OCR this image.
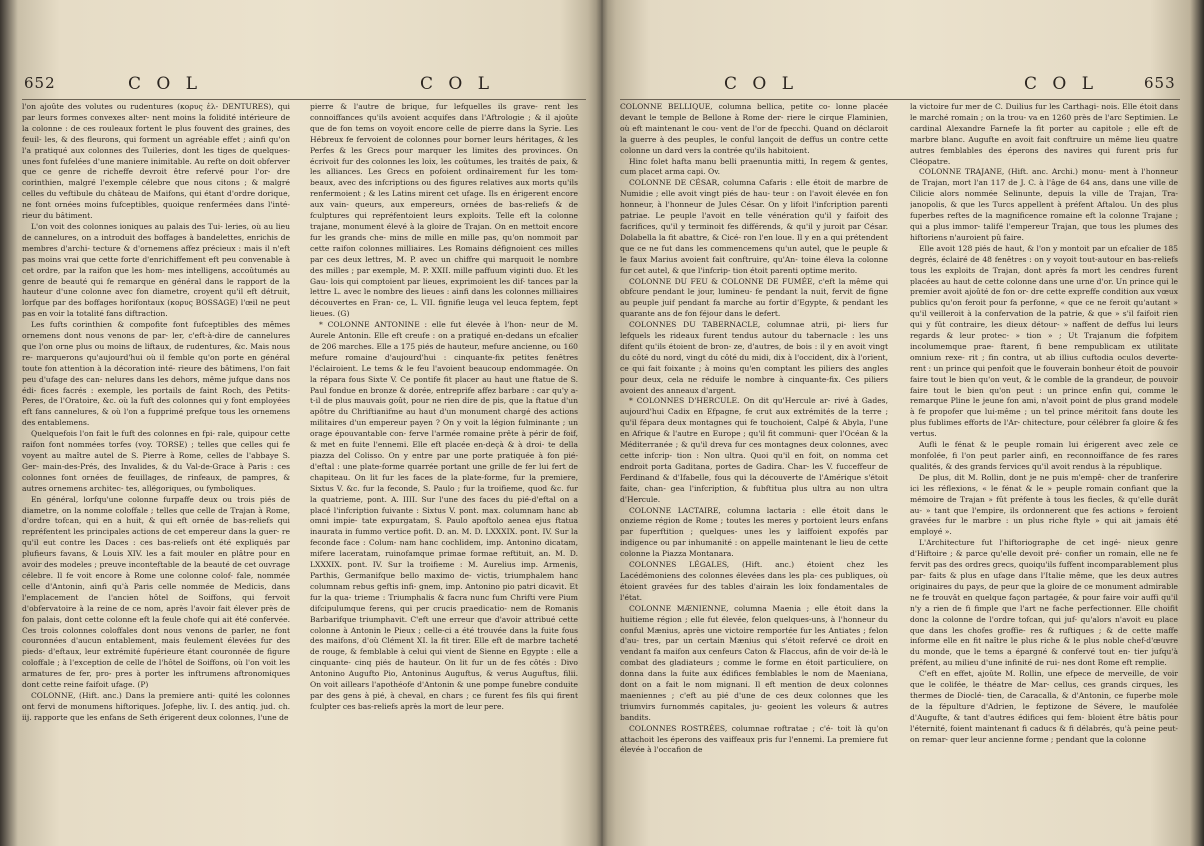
652	C O L	C O L

l'on ajoûte des volutes ou rudentures (κορυς ἑλ- DENTURES), qui par leurs formes convexes alter- nent moins la folidité intérieure de la colonne : de ces rouleaux fortent le plus fouvent des graines, des feuil- les, & des fleurons, qui forment un agréable effet ; ainfi qu'on l'a pratiqué aux colonnes des Tuileries, dont les tiges de quelques-unes font fufelées d'une maniere inimitable. Au refte on doit obferver que ce genre de richeffe devroit être refervé pour l'or- dre corinthien, malgré l'exemple célebre que nous citons ; & malgré celles du veftibule du château de Maifons, qui étant d'ordre dorique, ne font ornées moins fufceptibles, quoique renfermées dans l'inté- rieur du bâtiment.

L'on voit des colonnes ioniques au palais des Tui- leries, où au lieu de cannelures, on a introduit des boffages à bandelettes, enrichis de membres d'archi- tecture & d'ornemens affez précieux : mais il n'eft pas moins vrai que cette forte d'enrichiffement eft peu convenable à cet ordre, par la raifon que les hom- mes intelligens, accoûtumés au genre de beauté qui fe remarque en général dans le rapport de la hauteur d'une colonne avec fon diametre, croyent qu'il eft détruit, lorfque par des boffages horifontaux (κορυς BOSSAGE) l'œil ne peut pas en voir la totalité fans diftraction.

Les fufts corinthien & compofite font fufceptibles des mêmes ornemens dont nous venons de par- ler, c'eft-à-dire de cannelures que l'on orne plus ou moins de liftaux, de rudentures, &c. Mais nous re- marquerons qu'aujourd'hui où il femble qu'on porte en général toute fon attention à la décoration inté- rieure des bâtimens, l'on fait peu d'ufage des can- nelures dans les dehors, même jufque dans nos édi- fices facrés : exemple, les portails de faint Roch, des Petits-Peres, de l'Oratoire, &c. où la fuft des colonnes qui y font employées eft fans cannelures, & où l'on a fupprimé prefque tous les ornemens des entablemens.

Quelquefois l'on fait le fuft des colonnes en fpi- rale, quipour cette raifon font nommées torfes (voy. TORSE) ; telles que celles qui fe voyent au maître autel de S. Pierre à Rome, celles de l'abbaye S. Ger- main-des-Prés, des Invalides, & du Val-de-Grace à Paris : ces colonnes font ornées de feuillages, de rinfeaux, de pampres, & autres ornemens architec- tes, allégoriques, ou fymboliques.

En général, lorfqu'une colonne furpaffe deux ou trois piés de diametre, on la nomme coloffale ; telles que celle de Trajan à Rome, d'ordre tofcan, qui en a huit, & qui eft ornée de bas-reliefs qui repréfentent les principales actions de cet empereur dans la guer- re qu'il eut contre les Daces : ces bas-reliefs ont été expliqués par plufieurs favans, & Louis XIV. les a fait mouler en plâtre pour en avoir des modeles ; preuve inconteftable de la beauté de cet ouvrage célebre. Il fe voit encore à Rome une colonne colof- fale, nommée celle d'Antonin, ainfi qu'à Paris celle nommée de Medicis, dans l'emplacement de l'ancien hôtel de Soiffons, qui fervoit d'obfervatoire à la reine de ce nom, après l'avoir fait élever près de fon palais, dont cette colonne eft la feule chofe qui ait été confervée. Ces trois colonnes coloffales dont nous venons de parler, ne font couronnées d'aucun entablement, mais feulement élevées fur des pieds- d'eftaux, leur extrémité fupérieure étant couronnée de figure coloffale ; à l'exception de celle de l'hôtel de Soiffons, où l'on voit les armatures de fer, pro- pres à porter les inftrumens aftronomiques dont cette reine faifoit ufage. (P)

COLONNE, (Hift. anc.) Dans la premiere anti- quité les colonnes ont fervi de monumens hiftoriques. Jofephe, liv. I. des antiq. jud. ch. iij. rapporte que les enfans de Seth érigerent deux colonnes, l'une de

pierre & l'autre de brique, fur lefquelles ils grave- rent les connoiffances qu'ils avoient acquifes dans l'Aftrologie ; & il ajoûte que de fon tems on voyoit encore celle de pierre dans la Syrie. Les Hébreux fe fervoient de colonnes pour borner leurs héritages, & les Perfes & les Grecs pour marquer les limites des provinces. On écrivoit fur des colonnes les loix, les coûtumes, les traités de paix, & les alliances. Les Grecs en pofoient ordinairement fur les tom- beaux, avec des infcriptions ou des figures relatives aux morts qu'ils renfermoient ; & les Latins mirent cet ufage. Ils en érigerent encore aux vain- queurs, aux empereurs, ornées de bas-reliefs & de fculptures qui repréfentoient leurs exploits. Telle eft la colonne trajane, monument élevé à la gloire de Trajan. On en mettoit encore fur les grands che- mins de mille en mille pas, qu'on nommoit par cette raifon colonnes milliaires. Les Romains défignoient ces milles par ces deux lettres, M. P. avec un chiffre qui marquoit le nombre des milles ; par exemple, M. P. XXII. mille paffuum viginti duo. Et les Gau- lois qui comptoient par lieues, exprimoient les dif- tances par la lettre L. avec le nombre des lieues : ainfi dans les colonnes milliaires découvertes en Fran- ce, L. VII. fignifie leuga vel leuca feptem, fept lieues. (G)

* COLONNE ANTONINE : elle fut élevée à l'hon- neur de M. Aurele Antonin. Elle eft creufe : on a pratiqué en-dedans un efcalier de 206 marches. Elle a 175 piés de hauteur, mefure ancienne, ou 160 mefure romaine d'aujourd'hui : cinquante-fix petites fenêtres l'éclairoient. Le tems & le feu l'avoient beaucoup endommagée. On la répara fous Sixte V. Ce pontife fit placer au haut une ftatue de S. Paul fondue en bronze & dorée, entreprife affez barbare : car qu'y a-t-il de plus mauvais goût, pour ne rien dire de pis, que la ftatue d'un apôtre du Chriftianifme au haut d'un monument chargé des actions militaires d'un empereur payen ? On y voit la légion fulminante ; un orage épouvantable con- ferve l'armée romaine prête à périr de foif, & met en fuite l'ennemi. Elle eft placée en-deçà & à droi- te della piazza del Colisso. On y entre par une porte pratiquée à fon pié-d'eftal : une plate-forme quarrée portant une grille de fer lui fert de chapiteau. On lit fur les faces de la plate-forme, fur la premiere, Sixtus V. &c. fur la feconde, S. Paulo ; fur la troifieme, quod &c. fur la quatrieme, pont. A. IIII. Sur l'une des faces du pié-d'eftal on a placé l'infcription fuivante : Sixtus V. pont. max. columnam hanc ab omni impie- tate expurgatam, S. Paulo apoftolo aenea ejus ftatua inaurata in fummo vertice pofit. D. an. M. D. LXXXIX. pont. IV. Sur la feconde face : Colum- nam hanc cochlidem, imp. Antonino dicatam, mifere laceratam, ruinofamque primae formae reftituit, an. M. D. LXXXIX. pont. IV. Sur la troifieme : M. Aurelius imp. Armenis, Parthis, Germanifque bello maximo de- victis, triumphalem hanc columnam rebus geftis infi- gnem, imp. Antonino pio patri dicavit. Et fur la qua- trieme : Triumphalis & facra nunc fum Chrifti vere Pium difcipulumque ferens, qui per crucis praedicatio- nem de Romanis Barbarifque triumphavit. C'eft une erreur que d'avoir attribué cette colonne à Antonin le Pieux ; celle-ci a été trouvée dans la fuite fous des maifons, d'où Clément XI. la fit tirer. Elle eft de marbre tacheté de rouge, & femblable à celui qui vient de Sienne en Egypte : elle a cinquante- cinq piés de hauteur. On lit fur un de fes côtés : Divo Antonino Augufto Pio, Antoninus Auguftus, & verus Auguftus, filii. On voit aillears l'apothéofe d'Antonin & une pompe funebre conduite par des gens à pié, à cheval, en chars ; ce furent fes fils qui firent fculpter ces bas-reliefs après la mort de leur pere.

C O L	C O L	653

COLONNE BELLIQUE, columna bellica, petite co- lonne placée devant le temple de Bellone à Rome der- riere le cirque Flaminien, où eft maintenant le cou- vent de l'or de fpecchi. Quand on déclaroit la guerre à des peuples, le conful lançoit de deffus un contre cette colonne un dard vers la contrée qu'ils habitoient.

Hinc folet hafta manu belli praenuntia mitti, In regem & gentes, cum placet arma capi. Ov.

COLONNE DE CÉSAR, columna Cafaris : elle étoit de marbre de Numidie ; elle avoit vingt piés de hau- teur : on l'avoit élevée en fon honneur, à l'honneur de Jules César. On y lifoit l'infcription parenti patriae. Le peuple l'avoit en telle vénération qu'il y faifoit des facrifices, qu'il y terminoit fes différends, & qu'il y juroit par César. Dolabella la fit abattre, & Cicé- ron l'en loue. Il y en a qui prétendent que ce ne fut dans les commencemens qu'un autel, que le peuple & le faux Marius avoient fait conftruire, qu'An- toine éleva la colonne fur cet autel, & que l'infcrip- tion étoit parenti optime merito.

COLONNE DU FEU & COLONNE DE FUMÉE, c'eft la même qui obfcure pendant le jour, lumineu- fe pendant la nuit, fervit de figne au peuple juif pendant fa marche au fortir d'Egypte, & pendant les quarante ans de fon féjour dans le defert.

COLONNES DU TABERNACLE, columnae atrii, pi- liers fur lefquels les rideaux furent tendus autour du tabernacle : les uns difent qu'ils étoient de bron- ze, d'autres, de bois : il y en avoit vingt du côté du nord, vingt du côté du midi, dix à l'occident, dix à l'orient, ce qui fait foixante ; à moins qu'en comptant les piliers des angles pour deux, cela ne réduife le nombre à cinquante-fix. Ces piliers avoient des anneaux d'argent.

* COLONNES D'HERCULE. On dit qu'Hercule ar- rivé à Gades, aujourd'hui Cadix en Efpagne, fe crut aux extrémités de la terre ; qu'il fépara deux montagnes qui fe touchoient, Calpé & Abyla, l'une en Afrique & l'autre en Europe ; qu'il fit communi- quer l'Océan & la Méditerranée ; & qu'il dreva fur ces montagnes deux colonnes, avec cette infcrip- tion : Non ultra. Quoi qu'il en foit, on nomma cet endroit porta Gaditana, portes de Gadira. Char- les V. fucceffeur de Ferdinand & d'Ifabelle, fous qui la découverte de l'Amérique s'étoit faite, chan- gea l'infcription, & fubftitua plus ultra au non ultra d'Hercule.

COLONNE LACTAIRE, columna lactaria : elle étoit dans le onzieme région de Rome ; toutes les meres y portoient leurs enfans par fuperftition ; quelques- unes les y laiffoient expofés par indigence ou par inhumanité : on appelle maintenant le lieu de cette colonne la Piazza Montanara.

COLONNES LÉGALES, (Hift. anc.) étoient chez les Lacédémoniens des colonnes élevées dans les pla- ces publiques, où étoient gravées fur des tables d'airain les loix fondamentales de l'état.

COLONNE MÆNIENNE, columna Maenia ; elle étoit dans la huitieme région ; elle fut élevée, felon quelques-uns, à l'honneur du conful Mænius, après une victoire remportée fur les Antiates ; felon d'au- tres, par un certain Mænius qui s'étoit refervé ce droit en vendant fa maifon aux cenfeurs Caton & Flaccus, afin de voir de-là le combat des gladiateurs ; comme le forme en étoit particuliere, on donna dans la fuite aux édifices femblables le nom de Maeniana, dont on a fait le nom mignani. Il eft mention de deux colonnes maeniennes ; c'eft au pié d'une de ces deux colonnes que les triumvirs furnommés capitales, ju- geoient les voleurs & autres bandits.

COLONNES ROSTRÉES, columnae roftratae ; c'é- toit là qu'on attachoit les éperons des vaiffeaux pris fur l'ennemi. La premiere fut élevée à l'occafion de

la victoire fur mer de C. Duilius fur les Carthagi- nois. Elle étoit dans le marché romain ; on la trou- va en 1260 près de l'arc Septimien. Le cardinal Alexandre Farnefe la fit porter au capitole ; elle eft de marbre blanc. Augufte en avoit fait conftruire un même lieu quatre autres femblables des éperons des navires qui furent pris fur Cléopatre.

COLONNE TRAJANE, (Hift. anc. Archi.) monu- ment à l'honneur de Trajan, mort l'an 117 de J. C. à l'âge de 64 ans, dans une ville de Cilicie alors nommée Selinunte, depuis la ville de Trajan, Tra- janopolis, & que les Turcs appellent à préfent Aftalou. Un des plus fuperbes reftes de la magnificence romaine eft la colonne Trajane ; qui a plus immor- talifé l'empereur Trajan, que tous les plumes des hiftoriens n'auroient pû faire.

Elle avoit 128 piés de haut, & l'on y montoit par un efcalier de 185 degrés, éclairé de 48 fenêtres : on y voyoit tout-autour en bas-reliefs tous les exploits de Trajan, dont après fa mort les cendres furent placées au haut de cette colonne dans une urne d'or. Un prince qui le premier avoit ajoûté de fon or- dre cette expreffe condition aux vœux publics qu'on feroit pour fa perfonne, « que ce ne feroit qu'autant » qu'il veilleroit à la confervation de la patrie, & que » s'il faifoit rien qui y fût contraire, les dieux détour- » naffent de deffus lui leurs regards & leur protec- » tion » ; Ut Trajanum die fofpitem incolumemque prae- ftarent, fi bene rempublicam ex utilitate omnium rexe- rit ; fin contra, ut ab illius cuftodia oculos deverte- rent : un prince qui penfoit que le fouverain bonheur étoit de pouvoir faire tout le bien qu'on veut, & le comble de la grandeur, de pouvoir faire tout le bien qu'on peut : un prince enfin qui, comme le remarque Pline le jeune fon ami, n'avoit point de plus grand modele à fe propofer que lui-même ; un tel prince méritoit fans doute les plus fublimes efforts de l'Ar- chitecture, pour célébrer fa gloire & fes vertus.

Aufli le fénat & le peuple romain lui érigerent avec zele ce monfolée, fi l'on peut parler ainfi, en reconnoiffance de fes rares qualités, & des grands fervices qu'il avoit rendus à la république.

De plus, dit M. Rollin, dont je ne puis m'empê- cher de tranferire ici les réflexions, « le fénat & le » peuple romain confiant que la mémoire de Trajan » fût préfente à tous les fiecles, & qu'elle durât au- » tant que l'empire, ils ordonnerent que fes actions » feroient gravées fur le marbre : un plus riche ftyle » qui ait jamais été employé ».

L'Architecture fut l'hiftoriographe de cet ingé- nieux genre d'Hiftoire ; & parce qu'elle devoit pré- confier un romain, elle ne fe fervit pas des ordres grecs, quoiqu'ils fuffent incomparablement plus par- faits & plus en ufage dans l'Italie même, que les deux autres originaires du pays, de peur que la gloire de ce monument admirable ne fe trouvât en quelque façon partagée, & pour faire voir auffi qu'il n'y a rien de fi fimple que l'art ne fache perfectionner. Elle choifit donc la colonne de l'ordre tofcan, qui juf- qu'alors n'avoit eu place que dans les chofes groffie- res & ruftiques ; & de cette maffe informe elle en fit naître le plus riche & le plus noble chef-d'œuvre du monde, que le tems a épargné & confervé tout en- tier jufqu'à préfent, au milieu d'une infinité de rui- nes dont Rome eft remplie.

C'eft en effet, ajoûte M. Rollin, une efpece de merveille, de voir que le colifée, le théatre de Mar- cellus, ces grands cirques, les thermes de Dioclé- tien, de Caracalla, & d'Antonin, ce fuperbe mole de la fépulture d'Adrien, le feptizone de Sévere, le maufolée d'Augufte, & tant d'autres édifices qui fem- bloient être bâtis pour l'éternité, foient maintenant fi caducs & fi délabrés, qu'à peine peut-on remar- quer leur ancienne forme ; pendant que la colonne
